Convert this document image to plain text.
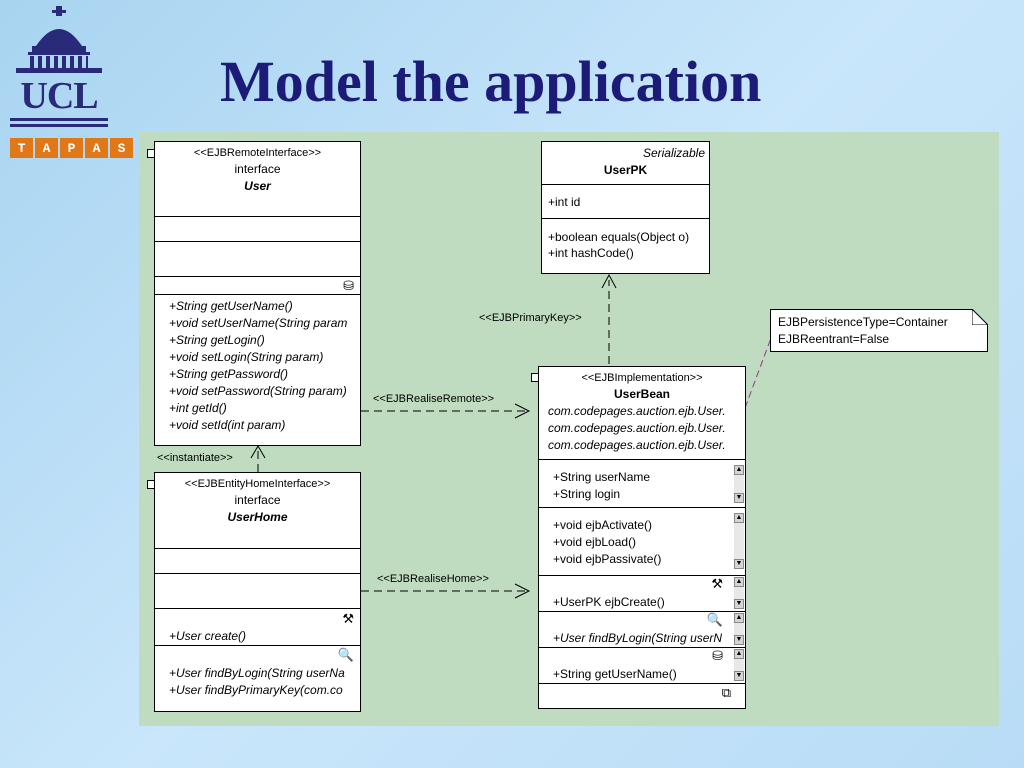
UCL
T	A	P	A	S
Model the application
<<EJBPrimaryKey>>
<<EJBRealiseRemote>>
<<EJBRealiseHome>>
<<instantiate>>
<<EJBRemoteInterface>>
interface
User
⛁
+String getUserName()
+void setUserName(String param
+String getLogin()
+void setLogin(String param)
+String getPassword()
+void setPassword(String param)
+int getId()
+void setId(int param)
<<EJBEntityHomeInterface>>
interface
UserHome
⚒
+User create()
🔍
+User findByLogin(String userNa
+User findByPrimaryKey(com.co
Serializable
UserPK
+int id
+boolean equals(Object o)
+int hashCode()
EJBPersistenceType=Container
EJBReentrant=False
<<EJBImplementation>>
UserBean
com.codepages.auction.ejb.User.
com.codepages.auction.ejb.User.
com.codepages.auction.ejb.User.
+String userName
+String login
▲
▼
+void ejbActivate()
+void ejbLoad()
+void ejbPassivate()
▲
▼
⚒
+UserPK ejbCreate()
▲
▼
🔍
+User findByLogin(String userN
▲
▼
⛁
+String getUserName()
▲
▼
⧉
